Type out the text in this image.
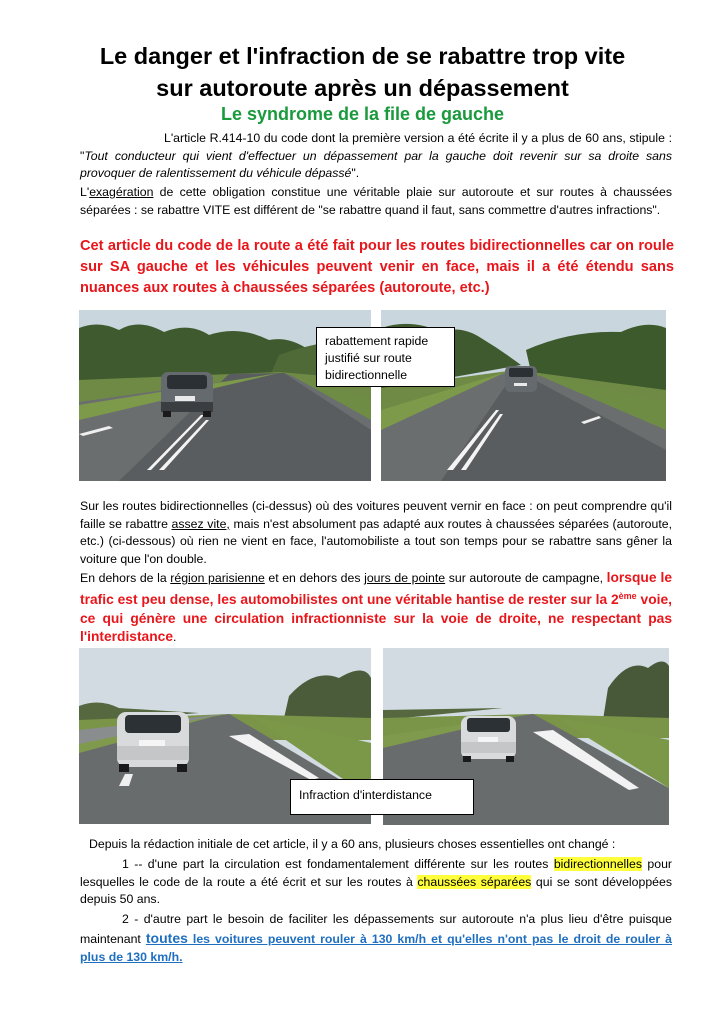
Le danger et l'infraction de se rabattre trop vite
sur autoroute après un dépassement
Le syndrome de la file de gauche
L'article R.414-10 du code dont la première version a été écrite il y a plus de 60 ans, stipule : "Tout conducteur qui vient d'effectuer un dépassement par la gauche doit revenir sur sa droite sans provoquer de ralentissement du véhicule dépassé".
L'exagération de cette obligation constitue une véritable plaie sur autoroute et sur routes à chaussées séparées : se rabattre VITE est différent de "se rabattre quand il faut, sans commettre d'autres infractions".
Cet article du code de la route a été fait pour les routes bidirectionnelles car on roule sur SA gauche et les véhicules peuvent venir en face, mais il a été étendu sans nuances aux routes à chaussées séparées (autoroute, etc.)
rabattement rapide justifié sur route bidirectionnelle
Sur les routes bidirectionnelles (ci-dessus) où des voitures peuvent vernir en face : on peut comprendre qu'il faille se rabattre assez vite, mais n'est absolument pas adapté aux routes à chaussées séparées (autoroute, etc.) (ci-dessous) où rien ne vient en face, l'automobiliste a tout son temps pour se rabattre sans gêner la voiture que l'on double.
En dehors de la région parisienne et en dehors des jours de pointe sur autoroute de campagne, lorsque le trafic est peu dense, les automobilistes ont une véritable hantise de rester sur la 2ème voie, ce qui génère une circulation infractionniste sur la voie de droite, ne respectant pas l'interdistance.
Infraction d'interdistance
Depuis la rédaction initiale de cet article, il y a 60 ans, plusieurs choses essentielles ont changé :
1 -- d'une part la circulation est fondamentalement différente sur les routes bidirectionnelles pour lesquelles le code de la route a été écrit et sur les routes à chaussées séparées qui se sont développées depuis 50 ans.
2 - d'autre part le besoin de faciliter les dépassements sur autoroute n'a plus lieu d'être puisque maintenant toutes les voitures peuvent rouler à 130 km/h et qu'elles n'ont pas le droit de rouler à plus de 130 km/h.
